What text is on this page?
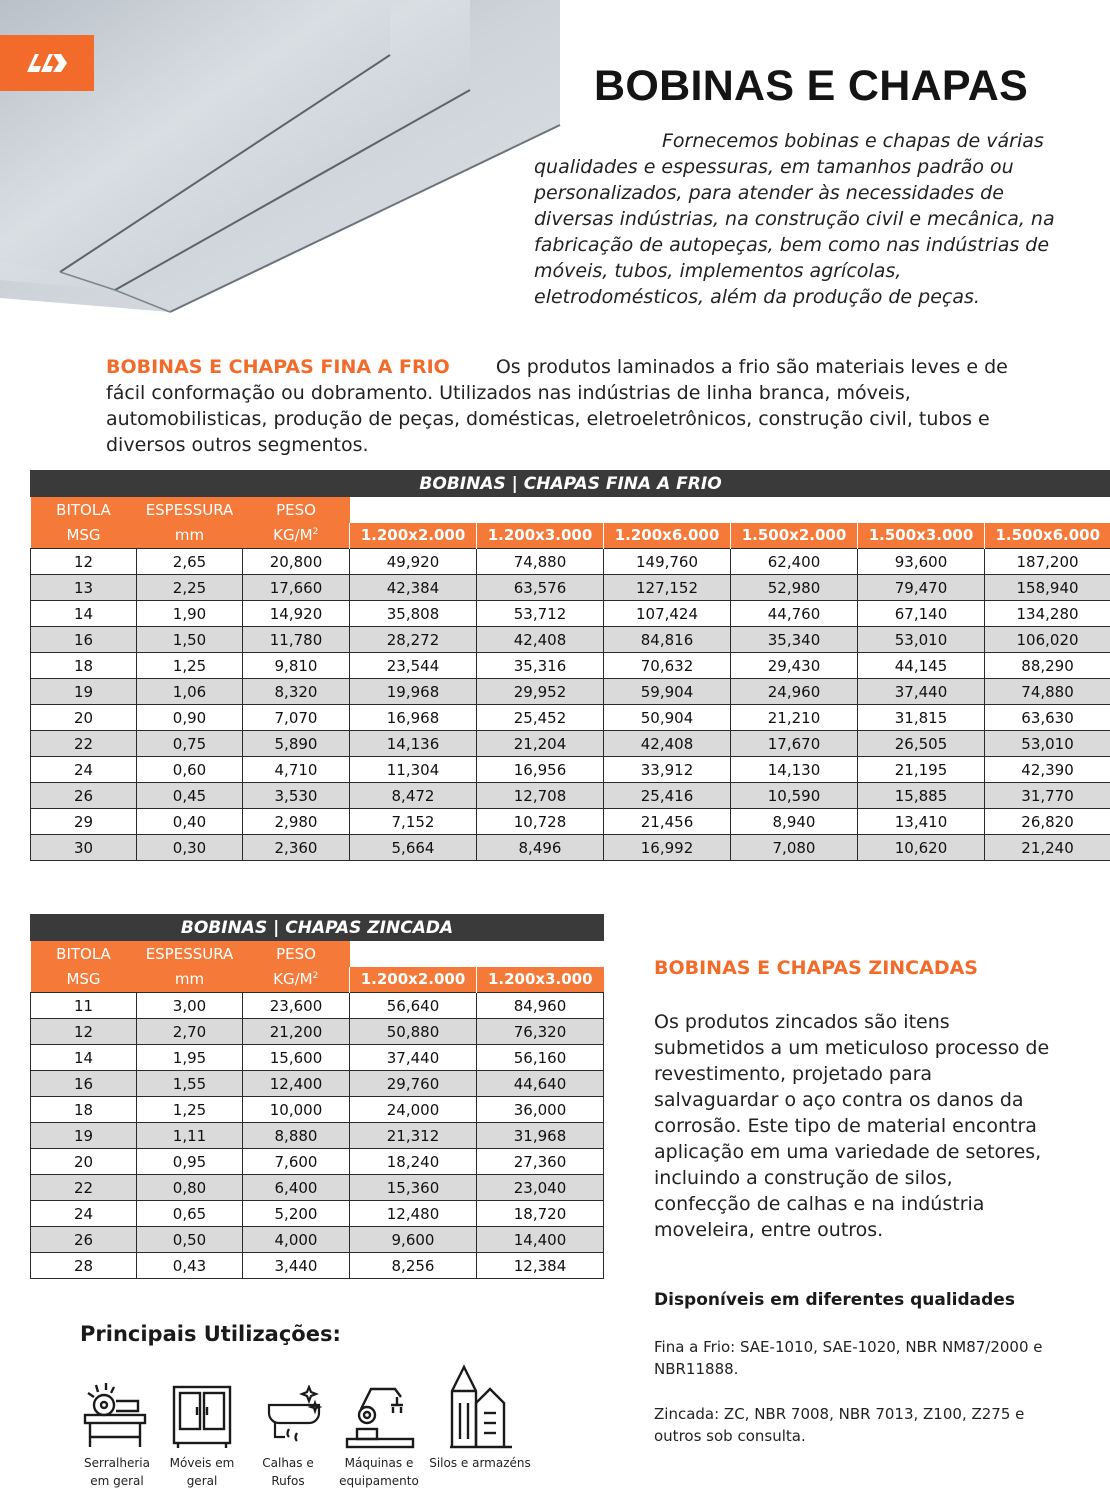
BOBINAS E CHAPAS

Fornecemos bobinas e chapas de várias qualidades e espessuras, em tamanhos padrão ou personalizados, para atender às necessidades de diversas indústrias, na construção civil e mecânica, na fabricação de autopeças, bem como nas indústrias de móveis, tubos, implementos agrícolas, eletrodomésticos, além da produção de peças.

BOBINAS E CHAPAS FINA A FRIO Os produtos laminados a frio são materiais leves e de fácil conformação ou dobramento. Utilizados nas indústrias de linha branca, móveis, automobilisticas, produção de peças, domésticas, eletroeletrônicos, construção civil, tubos e diversos outros segmentos.

BOBINAS | CHAPAS FINA A FRIO								
BITOLA	ESPESSURA	PESO						
MSG	mm	$KG/M^2$	1.200x2.000	1.200x3.000	1.200x6.000	1.500x2.000	1.500x3.000	1.500x6.000
12	2,65	20,800	49,920	74,880	149,760	62,400	93,600	187,200
13	2,25	17,660	42,384	63,576	127,152	52,980	79,470	158,940
14	1,90	14,920	35,808	53,712	107,424	44,760	67,140	134,280
16	1,50	11,780	28,272	42,408	84,816	35,340	53,010	106,020
18	1,25	9,810	23,544	35,316	70,632	29,430	44,145	88,290
19	1,06	8,320	19,968	29,952	59,904	24,960	37,440	74,880
20	0,90	7,070	16,968	25,452	50,904	21,210	31,815	63,630
22	0,75	5,890	14,136	21,204	42,408	17,670	26,505	53,010
24	0,60	4,710	11,304	16,956	33,912	14,130	21,195	42,390
26	0,45	3,530	8,472	12,708	25,416	10,590	15,885	31,770
29	0,40	2,980	7,152	10,728	21,456	8,940	13,410	26,820
30	0,30	2,360	5,664	8,496	16,992	7,080	10,620	21,240
BOBINAS | CHAPAS ZINCADA				
BITOLA	ESPESSURA	PESO		
MSG	mm	$KG/M^2$	1.200x2.000	1.200x3.000
11	3,00	23,600	56,640	84,960
12	2,70	21,200	50,880	76,320
14	1,95	15,600	37,440	56,160
16	1,55	12,400	29,760	44,640
18	1,25	10,000	24,000	36,000
19	1,11	8,880	21,312	31,968
20	0,95	7,600	18,240	27,360
22	0,80	6,400	15,360	23,040
24	0,65	5,200	12,480	18,720
26	0,50	4,000	9,600	14,400
28	0,43	3,440	8,256	12,384
BOBINAS E CHAPAS ZINCADAS

Os produtos zincados são itens submetidos a um meticuloso processo de revestimento, projetado para salvaguardar o aço contra os danos da corrosão. Este tipo de material encontra aplicação em uma variedade de setores, incluindo a construção de silos, confecção de calhas e na indústria moveleira, entre outros.

Disponíveis em diferentes qualidades

Fina a Frio: SAE-1010, SAE-1020, NBR NM87/2000 e NBR11888.

Zincada: ZC, NBR 7008, NBR 7013, Z100, Z275 e outros sob consulta.

Principais Utilizações:
Serralheria
em geral
Móveis em
geral
Calhas e
Rufos
Máquinas e
equipamento
Silos e armazéns
